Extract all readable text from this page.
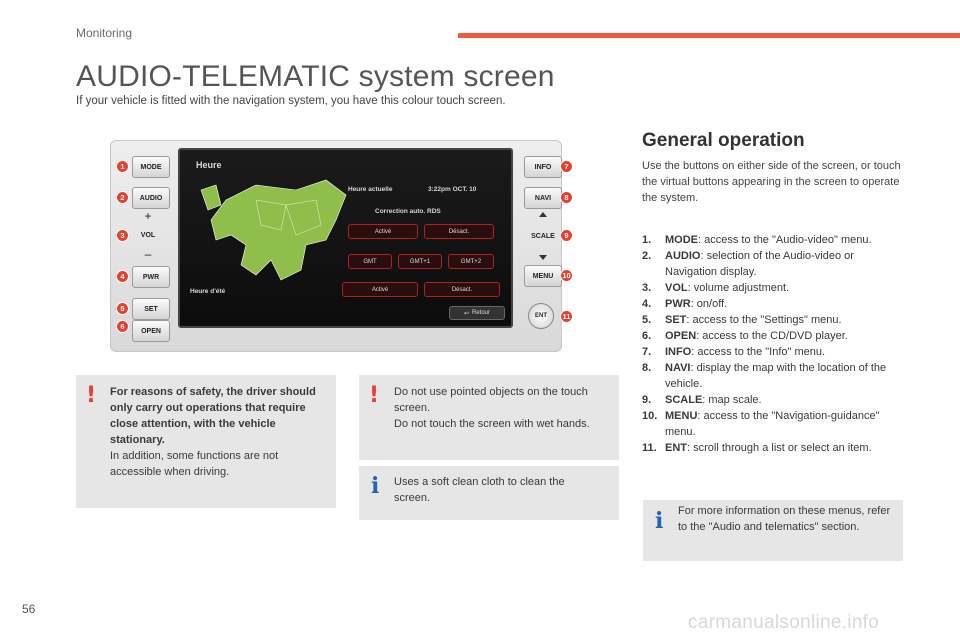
Monitoring
AUDIO-TELEMATIC system screen
If your vehicle is fitted with the navigation system, you have this colour touch screen.
MODE
AUDIO
+
VOL
–
PWR
SET
OPEN
INFO
NAVI
SCALE
MENU
ENT
1
2
3
4
5
6
7
8
9
10
11
Heure
Heure actuelle	3:22pm OCT. 10
Correction auto. RDS
Activé	Désact.
GMT	GMT+1	GMT+2
Heure d'été	Activé	Désact.
↩ Retour
General operation
Use the buttons on either side of the screen, or touch the virtual buttons appearing in the screen to operate the system.
1.	MODE: access to the "Audio-video" menu.
2.	AUDIO: selection of the Audio-video or Navigation display.
3.	VOL: volume adjustment.
4.	PWR: on/off.
5.	SET: access to the "Settings" menu.
6.	OPEN: access to the CD/DVD player.
7.	INFO: access to the "Info" menu.
8.	NAVI: display the map with the location of the vehicle.
9.	SCALE: map scale.
10. MENU: access to the "Navigation-guidance" menu.
11. ENT: scroll through a list or select an item.
! For reasons of safety, the driver should only carry out operations that require close attention, with the vehicle stationary.

In addition, some functions are not accessible when driving.

! Do not use pointed objects on the touch screen.

Do not touch the screen with wet hands.

i Uses a soft clean cloth to clean the screen.

i For more information on these menus, refer to the "Audio and telematics" section.

56
carmanualsonline.info
